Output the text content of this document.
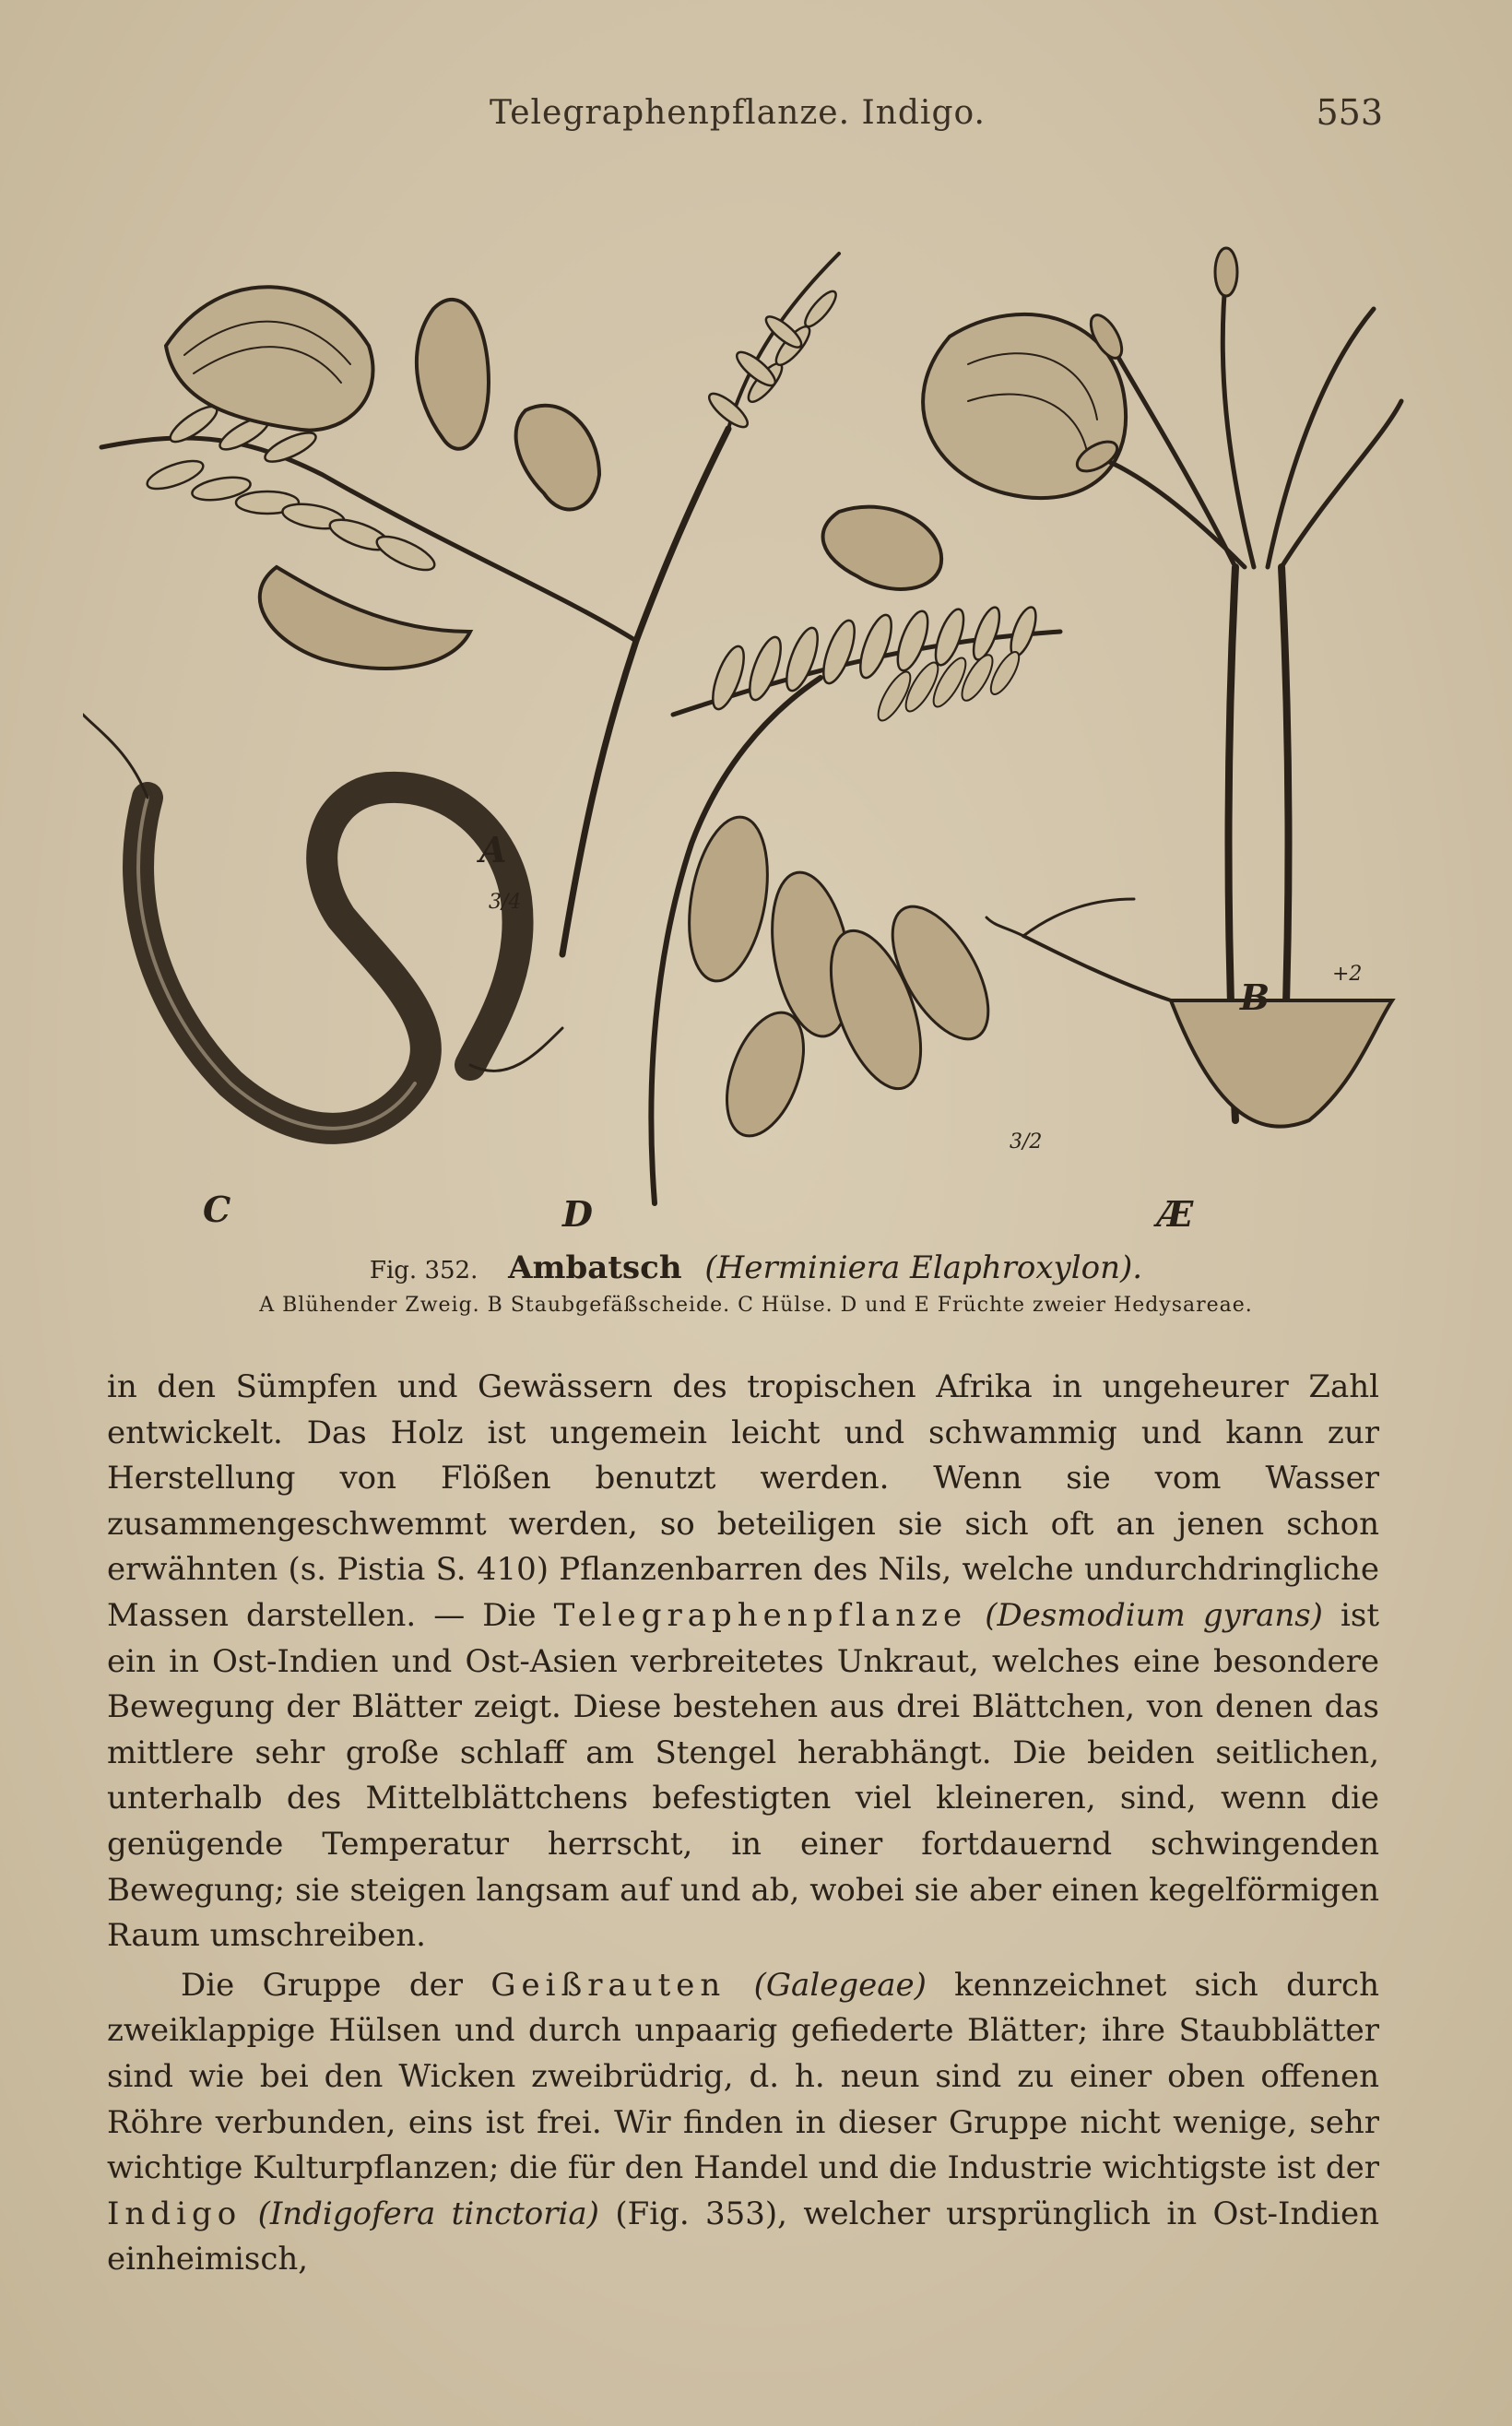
Telegraphenpflanze. Indigo.	553
A
B
C	D	Æ
3/4
+2
3/2
Fig. 352. Ambatsch (Herminiera Elaphroxylon).
A Blühender Zweig. B Staubgefäßscheide. C Hülse. D und E Früchte zweier Hedysareae.

in den Sümpfen und Gewässern des tropischen Afrika in ungeheurer Zahl entwickelt. Das Holz ist ungemein leicht und schwammig und kann zur Herstellung von Flößen benutzt werden. Wenn sie vom Wasser zusammengeschwemmt werden, so beteiligen sie sich oft an jenen schon erwähnten (s. Pistia S. 410) Pflanzenbarren des Nils, welche undurchdringliche Massen darstellen. — Die Telegraphenpflanze (Desmodium gyrans) ist ein in Ost-Indien und Ost-Asien verbreitetes Unkraut, welches eine besondere Bewegung der Blätter zeigt. Diese bestehen aus drei Blättchen, von denen das mittlere sehr große schlaff am Stengel herabhängt. Die beiden seitlichen, unterhalb des Mittelblättchens befestigten viel kleineren, sind, wenn die genügende Temperatur herrscht, in einer fortdauernd schwingenden Bewegung; sie steigen langsam auf und ab, wobei sie aber einen kegelförmigen Raum umschreiben.

Die Gruppe der Geißrauten (Galegeae) kennzeichnet sich durch zweiklappige Hülsen und durch unpaarig gefiederte Blätter; ihre Staubblätter sind wie bei den Wicken zweibrüdrig, d. h. neun sind zu einer oben offenen Röhre verbunden, eins ist frei. Wir finden in dieser Gruppe nicht wenige, sehr wichtige Kulturpflanzen; die für den Handel und die Industrie wichtigste ist der Indigo (Indigofera tinctoria) (Fig. 353), welcher ursprünglich in Ost-Indien einheimisch,
